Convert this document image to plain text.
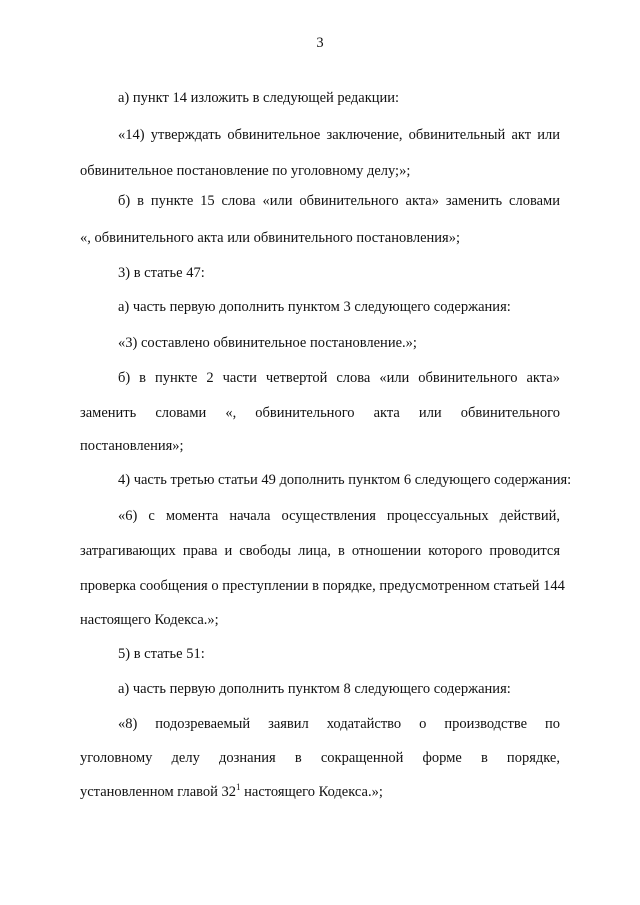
3
а) пункт 14 изложить в следующей редакции:
«14) утверждать обвинительное заключение, обвинительный акт или
обвинительное постановление по уголовному делу;»;
б) в пункте 15 слова «или обвинительного акта» заменить словами
«, обвинительного акта или обвинительного постановления»;
3) в статье 47:
а) часть первую дополнить пунктом 3 следующего содержания:
«3) составлено обвинительное постановление.»;
б) в пункте 2 части четвертой слова «или обвинительного акта»
заменить словами «, обвинительного акта или обвинительного
постановления»;
4) часть третью статьи 49 дополнить пунктом 6 следующего содержания:
«6) с момента начала осуществления процессуальных действий,
затрагивающих права и свободы лица, в отношении которого проводится
проверка сообщения о преступлении в порядке, предусмотренном статьей 144
настоящего Кодекса.»;
5) в статье 51:
а) часть первую дополнить пунктом 8 следующего содержания:
«8) подозреваемый заявил ходатайство о производстве по
уголовному делу дознания в сокращенной форме в порядке,
установленном главой $32^1$ настоящего Кодекса.»;
